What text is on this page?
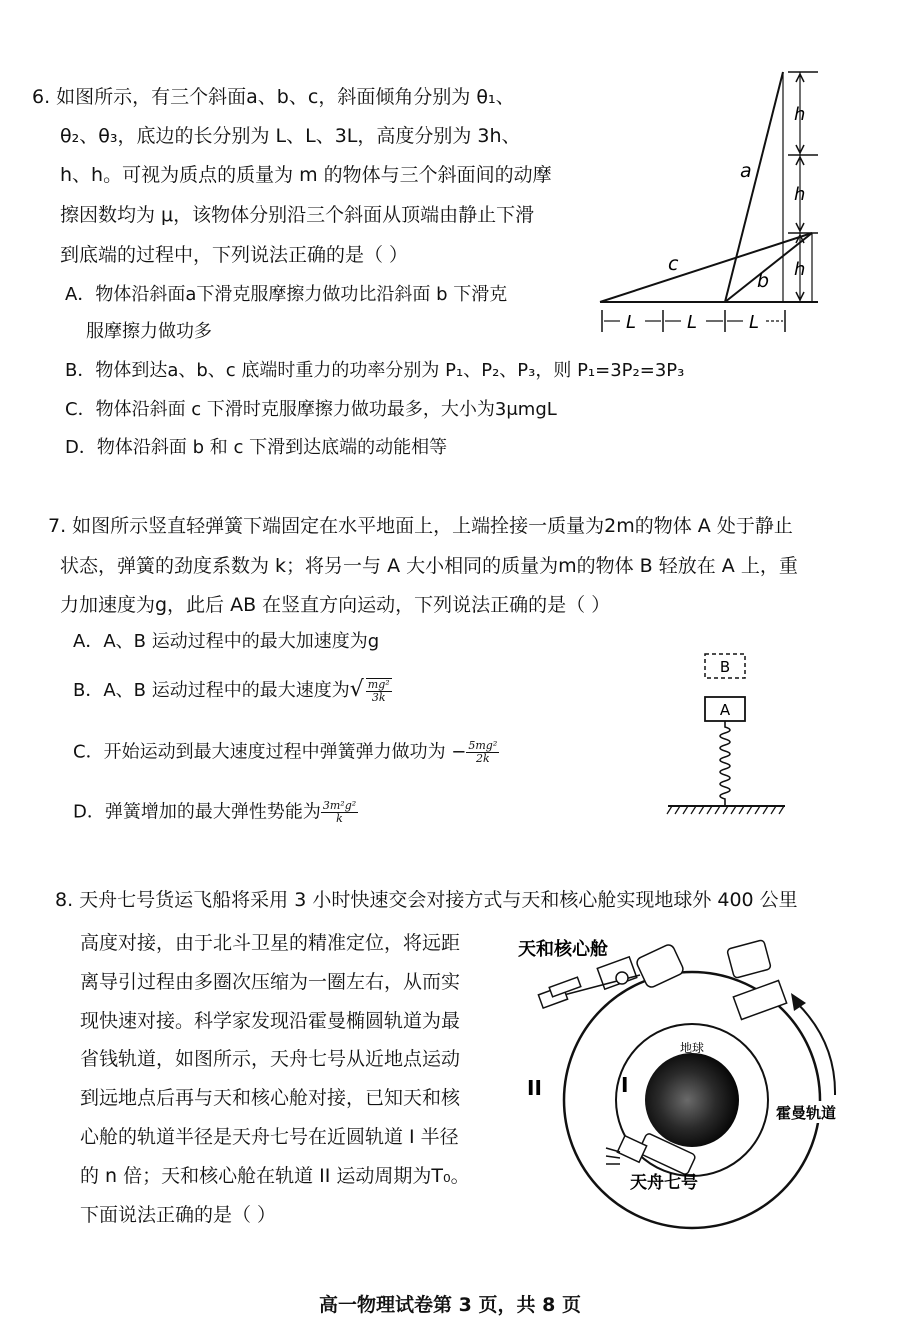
6. 如图所示，有三个斜面a、b、c，斜面倾角分别为 θ₁、
θ₂、θ₃，底边的长分别为 L、L、3L，高度分别为 3h、
h、h。可视为质点的质量为 m 的物体与三个斜面间的动摩
擦因数均为 μ，该物体分别沿三个斜面从顶端由静止下滑
到底端的过程中，下列说法正确的是（ ）
A．物体沿斜面a下滑克服摩擦力做功比沿斜面 b 下滑克
服摩擦力做功多
B．物体到达a、b、c 底端时重力的功率分别为 P₁、P₂、P₃，则 P₁=3P₂=3P₃
C．物体沿斜面 c 下滑时克服摩擦力做功最多，大小为3μmgL
D．物体沿斜面 b 和 c 下滑到达底端的动能相等
a
b
c
h
h
h
L	L	L
7. 如图所示竖直轻弹簧下端固定在水平地面上，上端拴接一质量为2m的物体 A 处于静止
状态，弹簧的劲度系数为 k；将另一与 A 大小相同的质量为m的物体 B 轻放在 A 上，重
力加速度为g，此后 AB 在竖直方向运动，下列说法正确的是（ ）
A．A、B 运动过程中的最大加速度为g
B．A、B 运动过程中的最大速度为√ $\frac{\text{mg²}}{3k}$
C．开始运动到最大速度过程中弹簧弹力做功为 − $\frac{\text{5mg²}}{2k}$
D．弹簧增加的最大弹性势能为 $\frac{\text{3m²g²}}{k}$
B
A
8. 天舟七号货运飞船将采用 3 小时快速交会对接方式与天和核心舱实现地球外 400 公里
高度对接，由于北斗卫星的精准定位，将远距
离导引过程由多圈次压缩为一圈左右，从而实
现快速对接。科学家发现沿霍曼椭圆轨道为最
省钱轨道，如图所示，天舟七号从近地点运动
到远地点后再与天和核心舱对接，已知天和核
心舱的轨道半径是天舟七号在近圆轨道 I 半径
的 n 倍；天和核心舱在轨道 II 运动周期为T₀。
下面说法正确的是（ ）
天和核心舱
地球
I
II
霍曼轨道
天舟七号
高一物理试卷第 3 页，共 8 页
